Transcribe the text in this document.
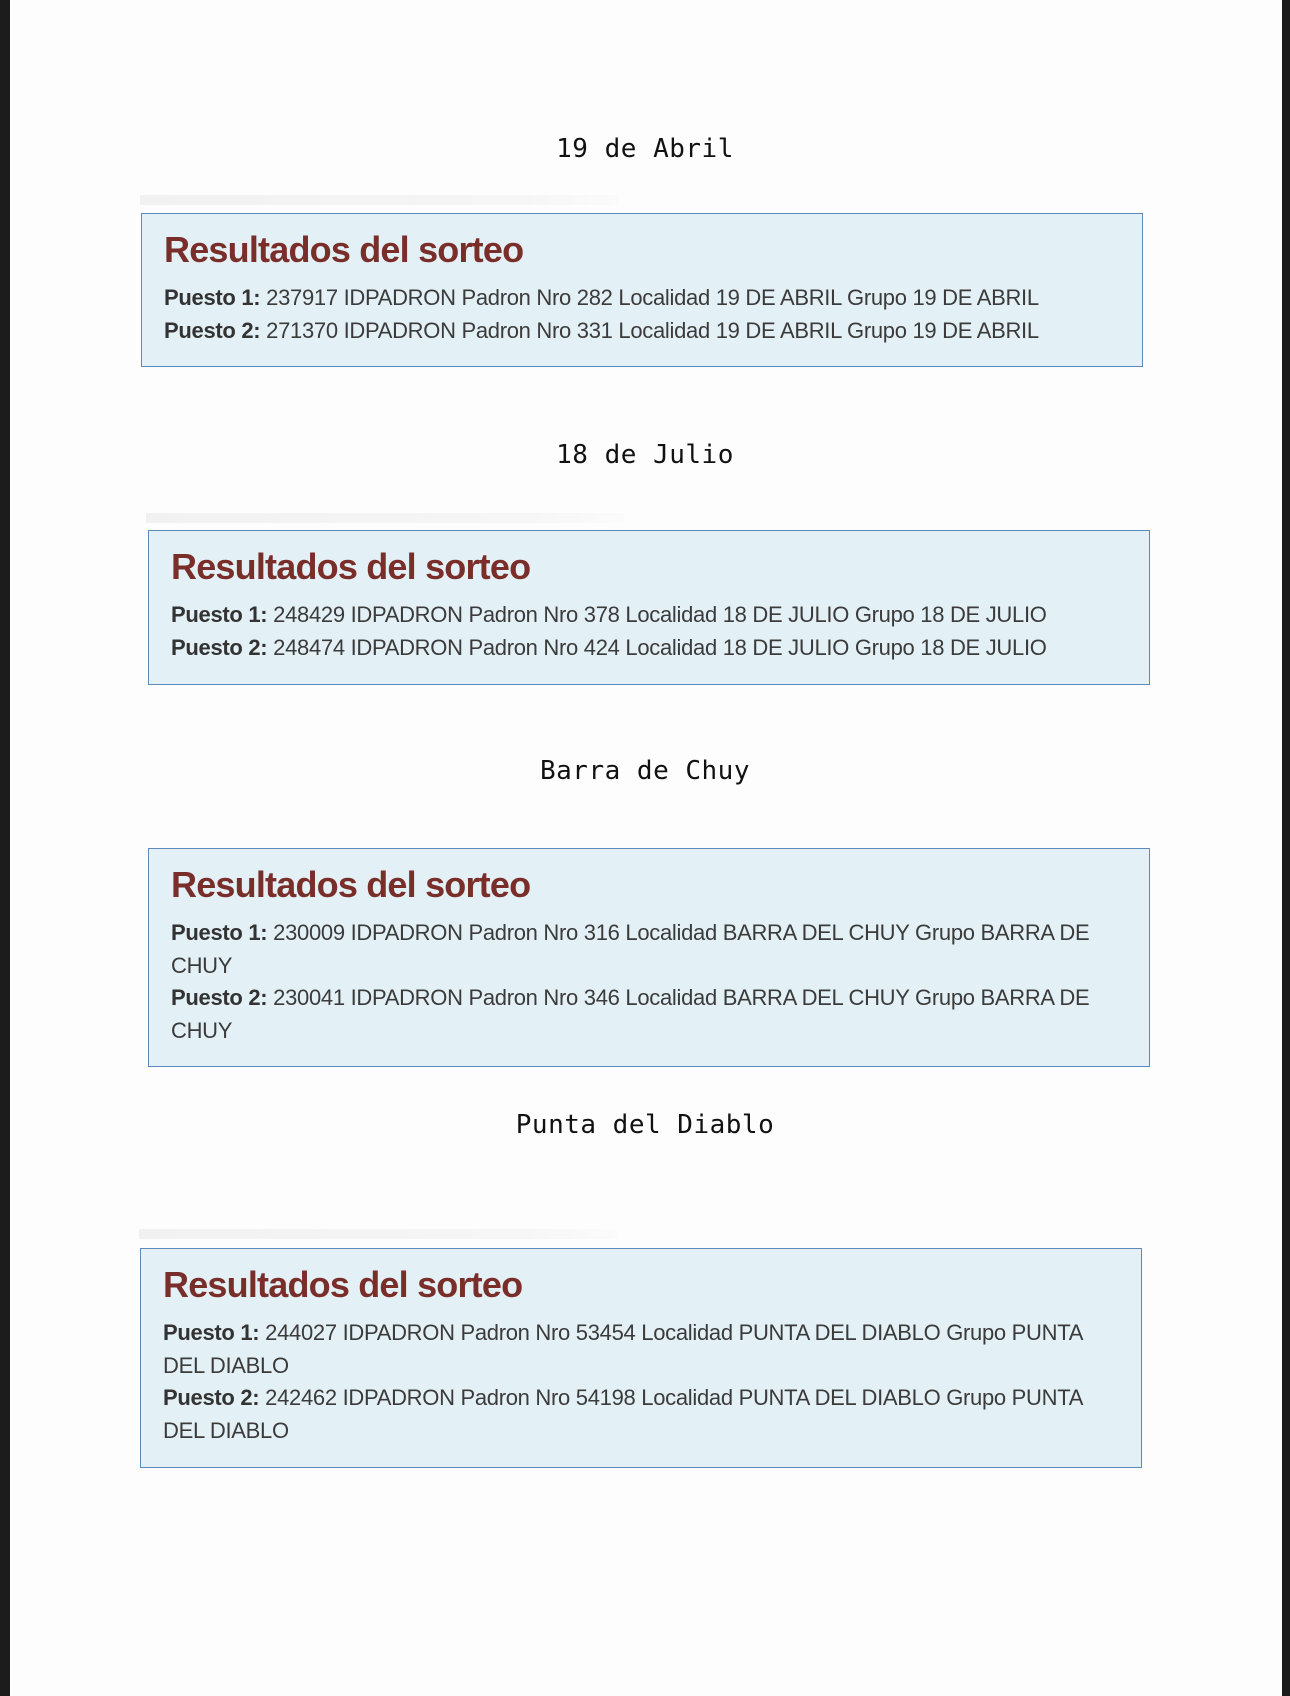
19 de Abril
Resultados del sorteo
Puesto 1: 237917 IDPADRON Padron Nro 282 Localidad 19 DE ABRIL Grupo 19 DE ABRIL
Puesto 2: 271370 IDPADRON Padron Nro 331 Localidad 19 DE ABRIL Grupo 19 DE ABRIL
18 de Julio
Resultados del sorteo
Puesto 1: 248429 IDPADRON Padron Nro 378 Localidad 18 DE JULIO Grupo 18 DE JULIO
Puesto 2: 248474 IDPADRON Padron Nro 424 Localidad 18 DE JULIO Grupo 18 DE JULIO
Barra de Chuy
Resultados del sorteo
Puesto 1: 230009 IDPADRON Padron Nro 316 Localidad BARRA DEL CHUY Grupo BARRA DE CHUY
Puesto 2: 230041 IDPADRON Padron Nro 346 Localidad BARRA DEL CHUY Grupo BARRA DE CHUY
Punta del Diablo
Resultados del sorteo
Puesto 1: 244027 IDPADRON Padron Nro 53454 Localidad PUNTA DEL DIABLO Grupo PUNTA DEL DIABLO
Puesto 2: 242462 IDPADRON Padron Nro 54198 Localidad PUNTA DEL DIABLO Grupo PUNTA DEL DIABLO
